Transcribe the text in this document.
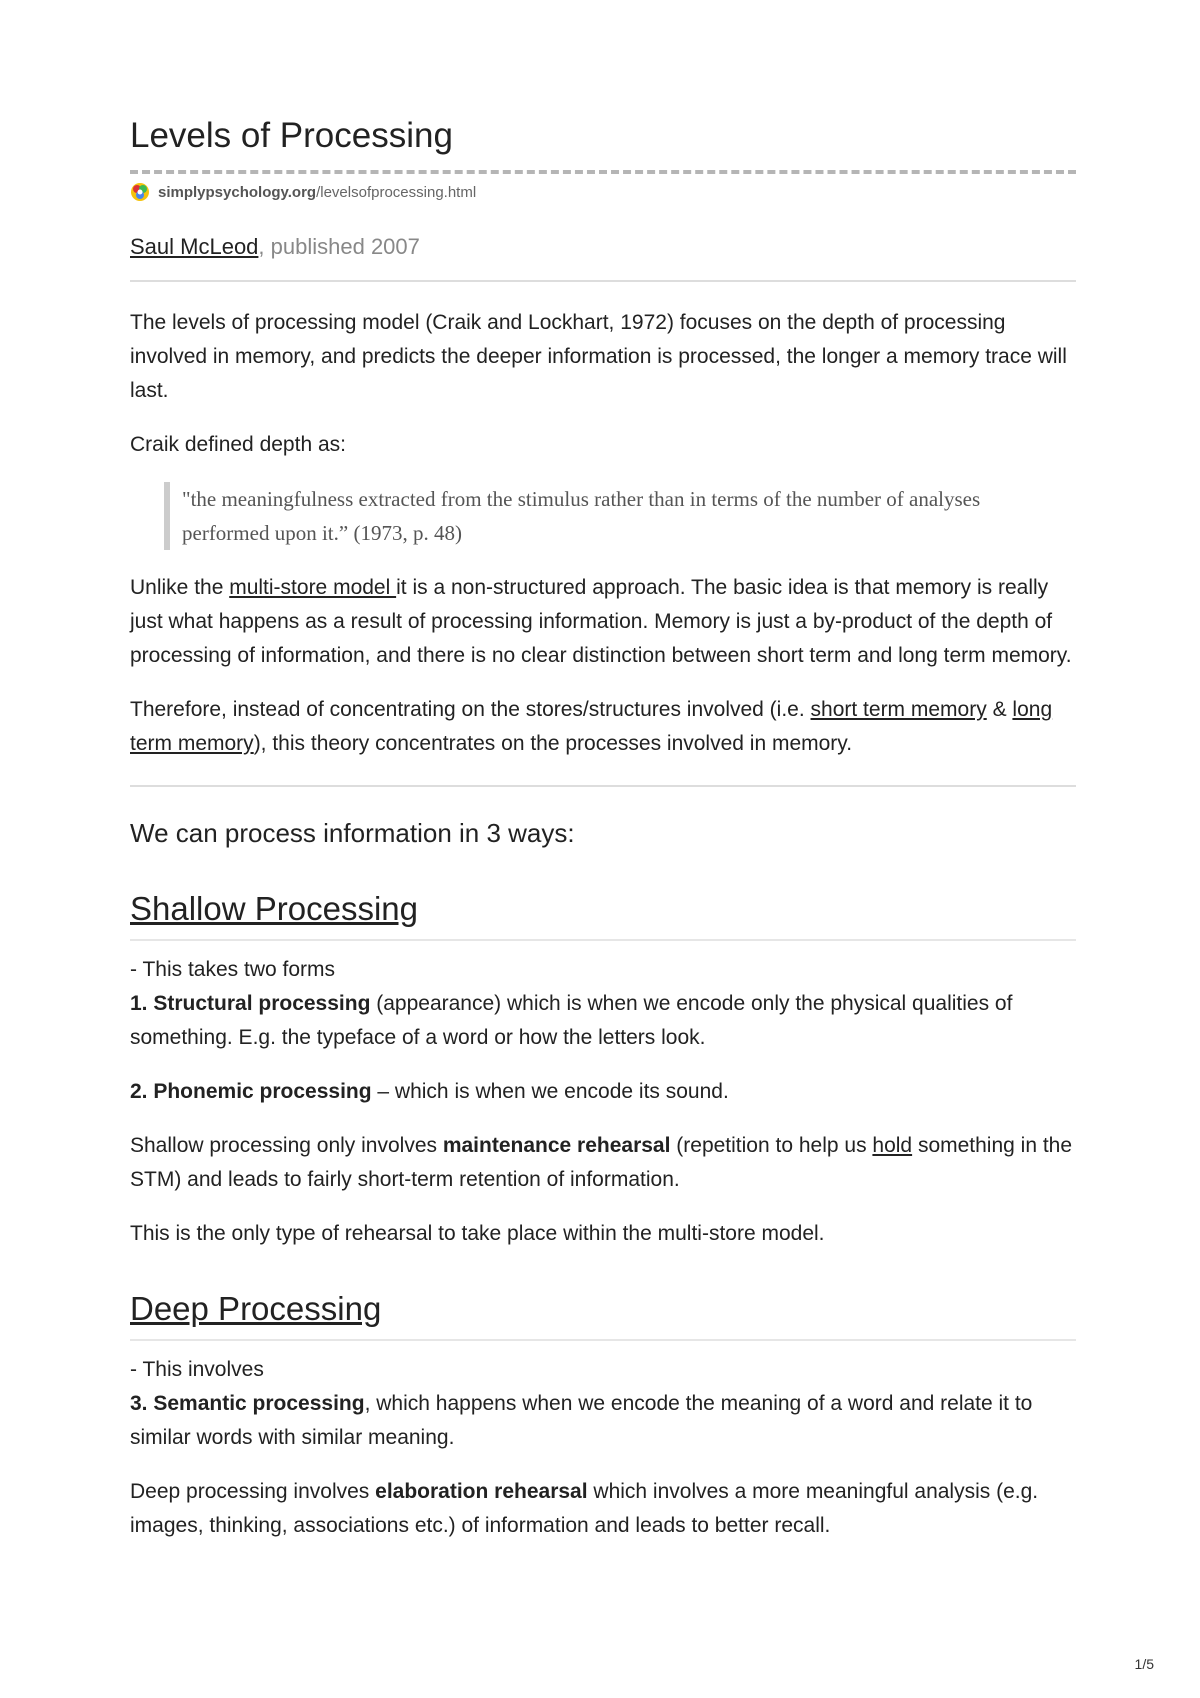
Levels of Processing
simplypsychology.org /levelsofprocessing.html
Saul McLeod, published 2007

The levels of processing model (Craik and Lockhart, 1972) focuses on the depth of processing involved in memory, and predicts the deeper information is processed, the longer a memory trace will last.

Craik defined depth as:

"the meaningfulness extracted from the stimulus rather than in terms of the number of analyses performed upon it.” (1973, p. 48)

Unlike the multi-store model it is a non-structured approach. The basic idea is that memory is really just what happens as a result of processing information. Memory is just a by-product of the depth of processing of information, and there is no clear distinction between short term and long term memory.

Therefore, instead of concentrating on the stores/structures involved (i.e. short term memory & long term memory), this theory concentrates on the processes involved in memory.

We can process information in 3 ways:
Shallow Processing

- This takes two forms
1. Structural processing (appearance) which is when we encode only the physical qualities of something. E.g. the typeface of a word or how the letters look.

2. Phonemic processing – which is when we encode its sound.

Shallow processing only involves maintenance rehearsal (repetition to help us hold something in the STM) and leads to fairly short-term retention of information.

This is the only type of rehearsal to take place within the multi-store model.

Deep Processing

- This involves
3. Semantic processing, which happens when we encode the meaning of a word and relate it to similar words with similar meaning.

Deep processing involves elaboration rehearsal which involves a more meaningful analysis (e.g. images, thinking, associations etc.) of information and leads to better recall.

1/5
